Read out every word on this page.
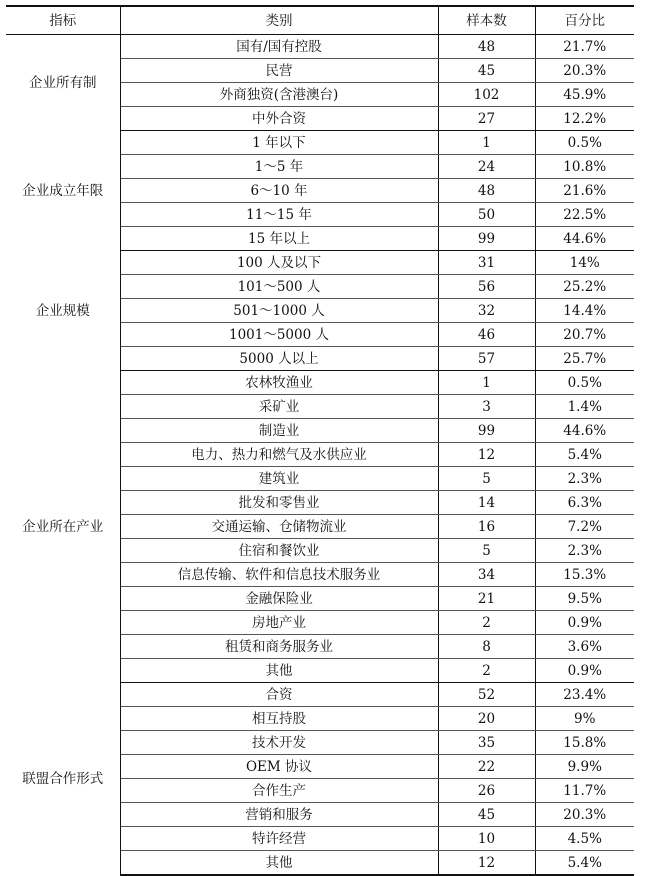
指标	类别	样本数	百分比
企业所有制	国有/国有控股	48	21.7%
	民营	45	20.3%
	外商独资(含港澳台)	102	45.9%
	中外合资	27	12.2%
企业成立年限	1 年以下	1	0.5%
	1～5 年	24	10.8%
	6～10 年	48	21.6%
	11～15 年	50	22.5%
	15 年以上	99	44.6%
企业规模	100 人及以下	31	14%
	101～500 人	56	25.2%
	501～1000 人	32	14.4%
	1001～5000 人	46	20.7%
	5000 人以上	57	25.7%
企业所在产业	农林牧渔业	1	0.5%
	采矿业	3	1.4%
	制造业	99	44.6%
	电力、热力和燃气及水供应业	12	5.4%
	建筑业	5	2.3%
	批发和零售业	14	6.3%
	交通运输、仓储物流业	16	7.2%
	住宿和餐饮业	5	2.3%
	信息传输、软件和信息技术服务业	34	15.3%
	金融保险业	21	9.5%
	房地产业	2	0.9%
	租赁和商务服务业	8	3.6%
	其他	2	0.9%
联盟合作形式	合资	52	23.4%
	相互持股	20	9%
	技术开发	35	15.8%
	OEM 协议	22	9.9%
	合作生产	26	11.7%
	营销和服务	45	20.3%
	特许经营	10	4.5%
	其他	12	5.4%
